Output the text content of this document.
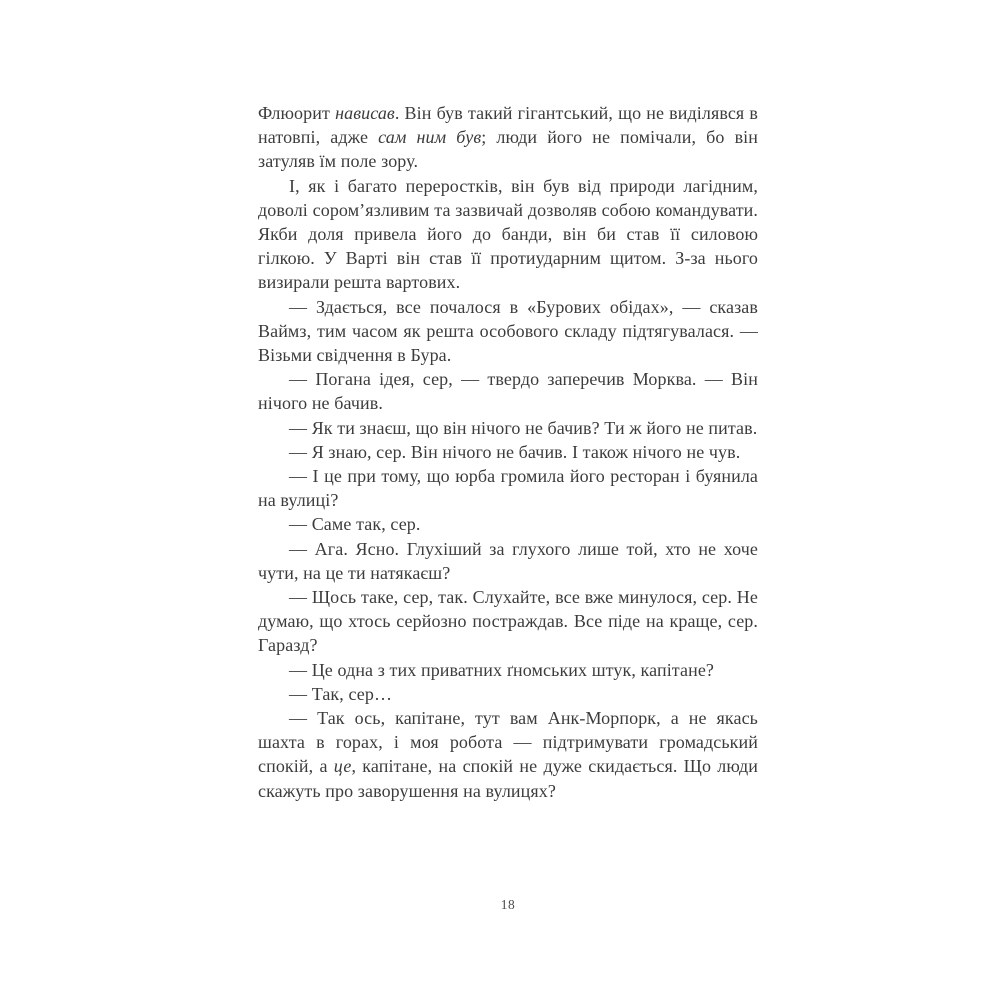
Флюорит нависав. Він був такий гігантський, що не виділявся в натовпі, адже сам ним був; люди його не помічали, бо він затуляв їм поле зору.

І, як і багато переростків, він був від природи лагідним, доволі сором’язливим та зазвичай дозволяв собою командувати. Якби доля привела його до банди, він би став її силовою гілкою. У Варті він став її протиударним щитом. З-за нього визирали решта вартових.

— Здається, все почалося в «Бурових обідах», — сказав Ваймз, тим часом як решта особового складу підтягувалася. — Візьми свідчення в Бура.

— Погана ідея, сер, — твердо заперечив Морква. — Він нічого не бачив.

— Як ти знаєш, що він нічого не бачив? Ти ж його не питав.

— Я знаю, сер. Він нічого не бачив. І також нічого не чув.

— І це при тому, що юрба громила його ресторан і буянила на вулиці?

— Саме так, сер.

— Ага. Ясно. Глухіший за глухого лише той, хто не хоче чути, на це ти натякаєш?

— Щось таке, сер, так. Слухайте, все вже минулося, сер. Не думаю, що хтось серйозно постраждав. Все піде на краще, сер. Гаразд?

— Це одна з тих приватних ґномських штук, капітане?

— Так, сер…

— Так ось, капітане, тут вам Анк-Морпорк, а не якась шахта в горах, і моя робота — підтримувати громадський спокій, а це, капітане, на спокій не дуже скидається. Що люди скажуть про заворушення на вулицях?

18
